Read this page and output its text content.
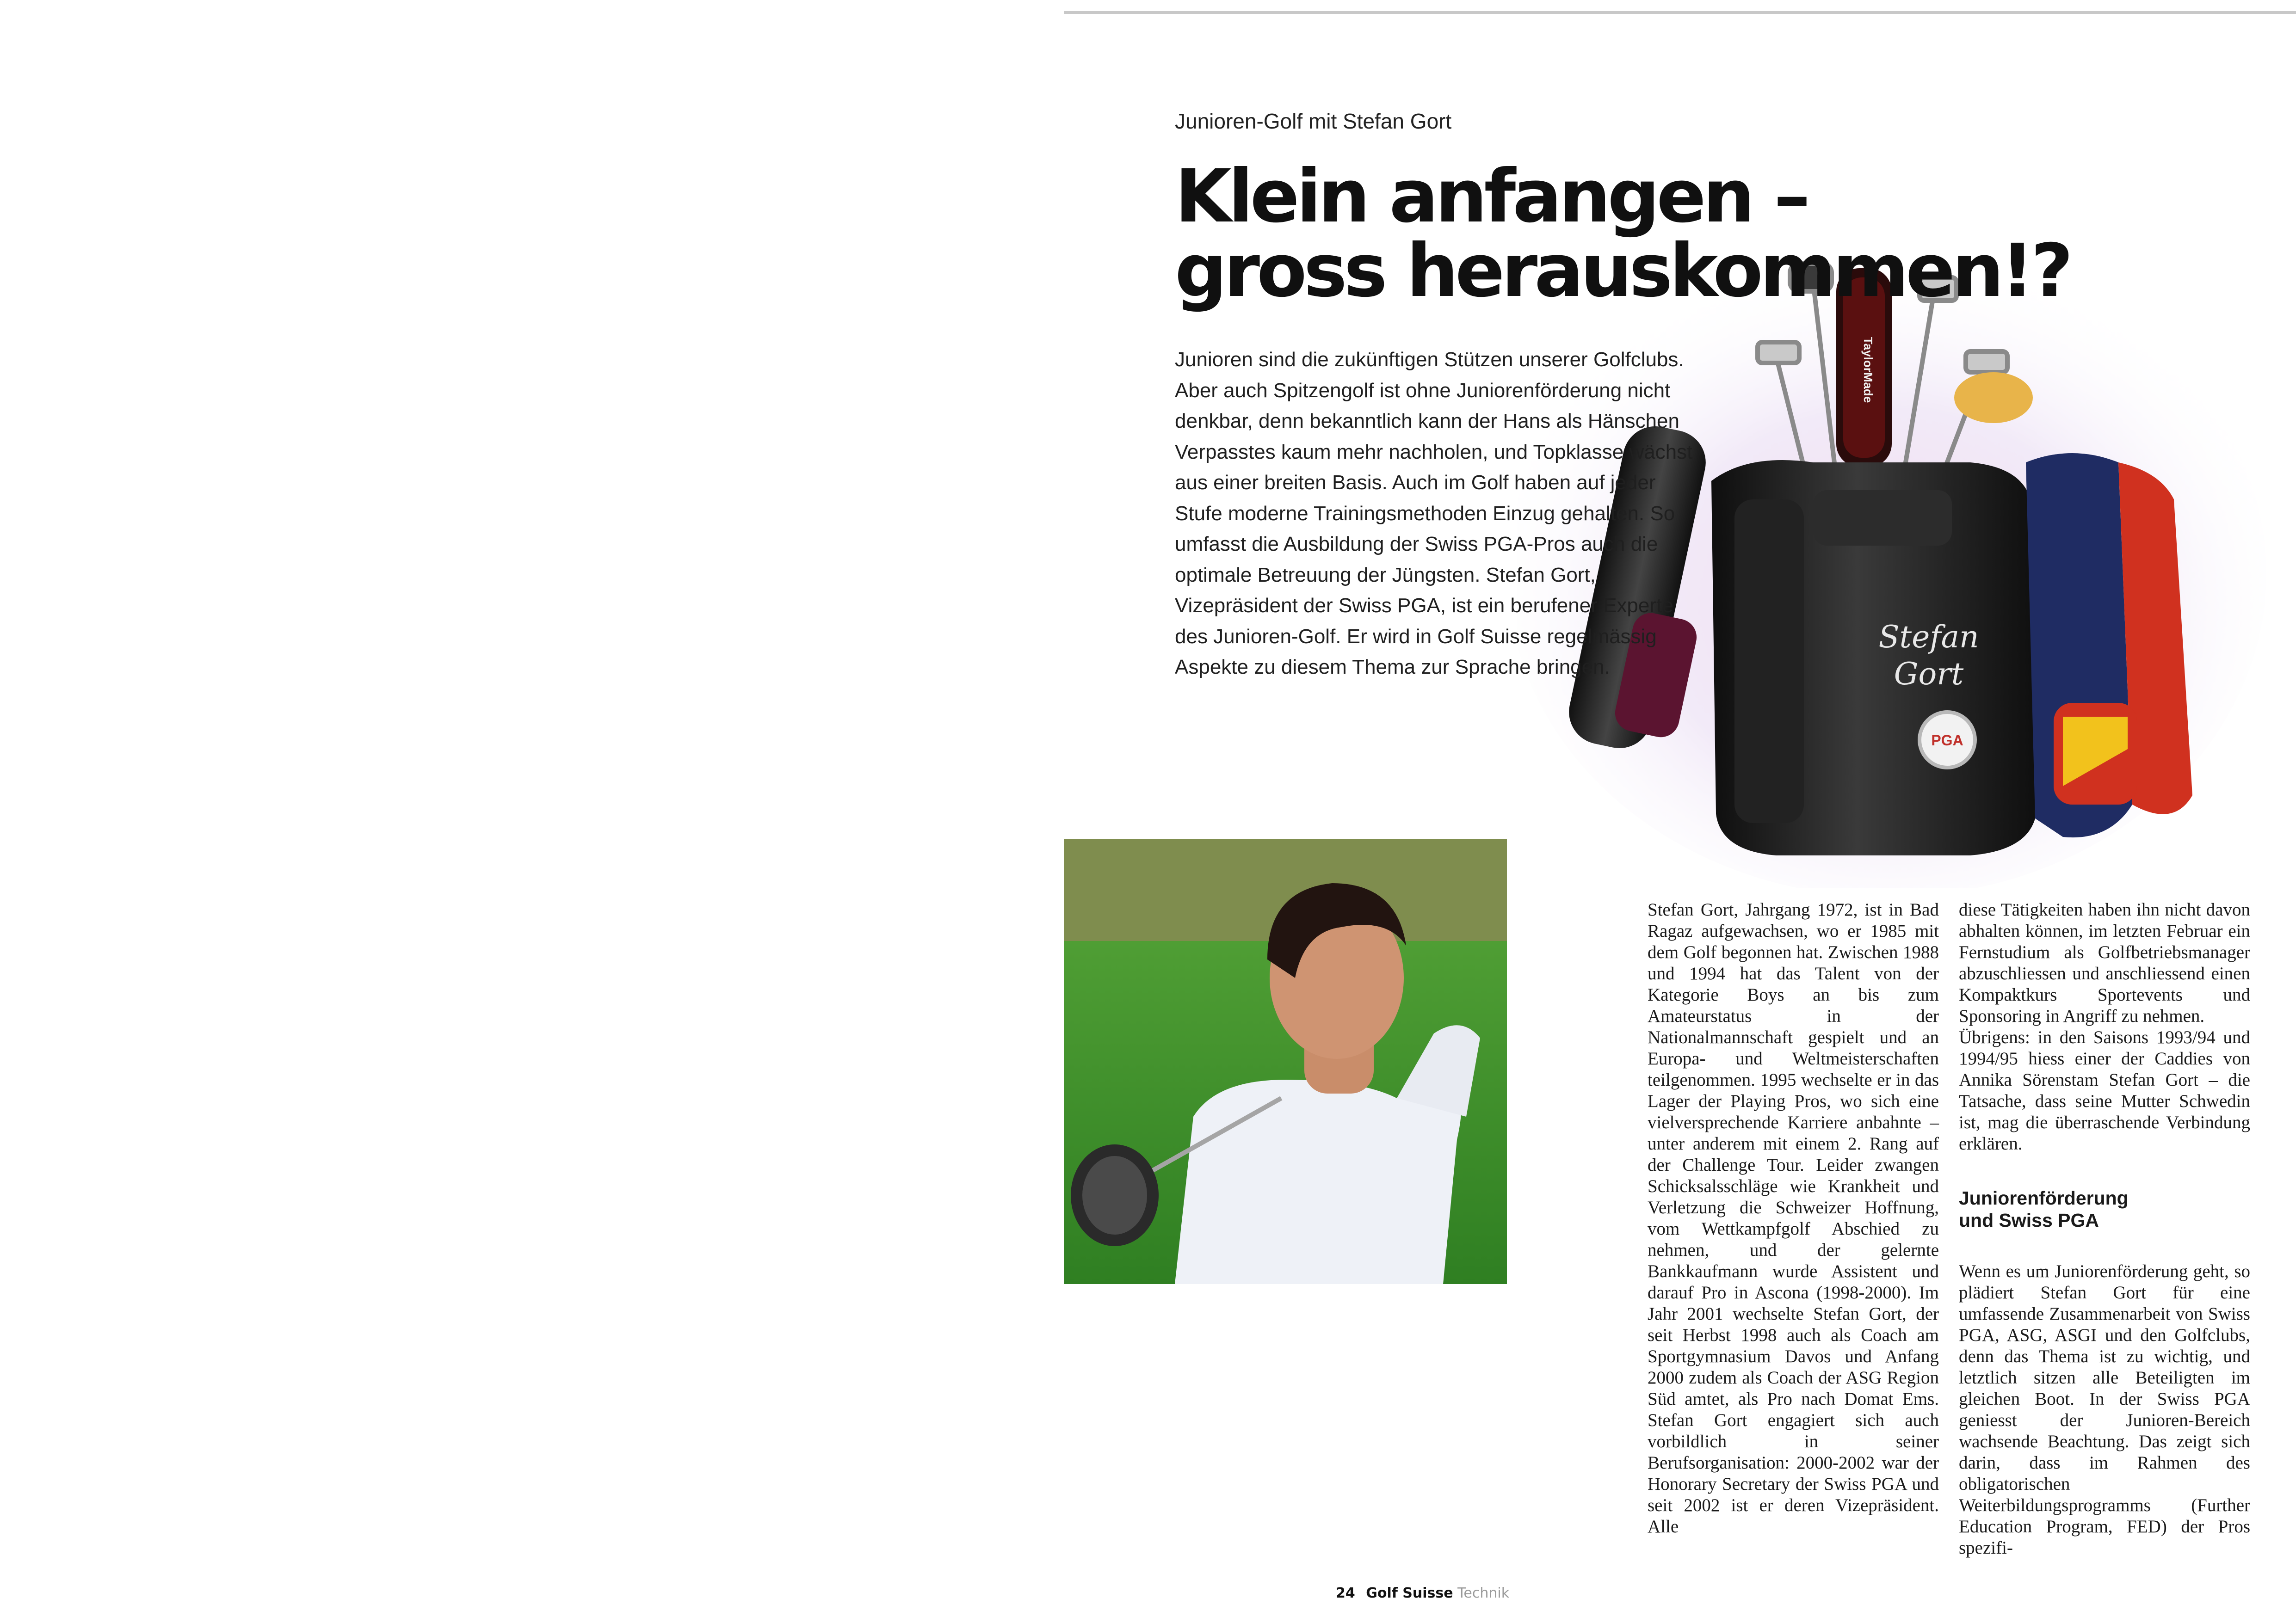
Junioren-Golf mit Stefan Gort
Klein anfangen –
gross herauskommen!?

Junioren sind die zukünftigen Stützen unserer Golfclubs. Aber auch Spitzengolf ist ohne Juniorenförderung nicht denkbar, denn bekanntlich kann der Hans als Hänschen Verpasstes kaum mehr nachholen, und Topklasse wächst aus einer breiten Basis. Auch im Golf haben auf jeder Stufe moderne Trainingsmethoden Einzug gehalten. So umfasst die Ausbildung der Swiss PGA-Pros auch die optimale Betreuung der Jüngsten. Stefan Gort, Vizepräsident der Swiss PGA, ist ein berufener Experte des Junioren-Golf. Er wird in Golf Suisse regelmässig Aspekte zu diesem Thema zur Sprache bringen.

TaylorMade
Stefan
Gort
PGA

Stefan Gort, Jahrgang 1972, ist in Bad Ragaz aufgewachsen, wo er 1985 mit dem Golf begonnen hat. Zwischen 1988 und 1994 hat das Talent von der Kategorie Boys an bis zum Amateurstatus in der Nationalmannschaft gespielt und an Europa- und Weltmeisterschaften teilgenommen. 1995 wechselte er in das Lager der Playing Pros, wo sich eine vielversprechende Karriere anbahnte – unter anderem mit einem 2. Rang auf der Challenge Tour. Leider zwangen Schicksalsschläge wie Krankheit und Verletzung die Schweizer Hoffnung, vom Wettkampfgolf Abschied zu nehmen, und der gelernte Bankkaufmann wurde Assistent und darauf Pro in Ascona (1998-2000). Im Jahr 2001 wechselte Stefan Gort, der seit Herbst 1998 auch als Coach am Sportgymnasium Davos und Anfang 2000 zudem als Coach der ASG Region Süd amtet, als Pro nach Domat Ems. Stefan Gort engagiert sich auch vorbildlich in seiner Berufsorganisation: 2000-2002 war der Honorary Secretary der Swiss PGA und seit 2002 ist er deren Vizepräsident. Alle

diese Tätigkeiten haben ihn nicht davon abhalten können, im letzten Februar ein Fernstudium als Golfbetriebsmanager abzuschliessen und anschliessend einen Kompaktkurs Sportevents und Sponsoring in Angriff zu nehmen.

Übrigens: in den Saisons 1993/94 und 1994/95 hiess einer der Caddies von Annika Sörenstam Stefan Gort – die Tatsache, dass seine Mutter Schwedin ist, mag die überraschende Verbindung erklären.

Juniorenförderung
und Swiss PGA

Wenn es um Juniorenförderung geht, so plädiert Stefan Gort für eine umfassende Zusammenarbeit von Swiss PGA, ASG, ASGI und den Golfclubs, denn das Thema ist zu wichtig, und letztlich sitzen alle Beteiligten im gleichen Boot. In der Swiss PGA geniesst der Junioren-Bereich wachsende Beachtung. Das zeigt sich darin, dass im Rahmen des obligatorischen Weiterbildungsprogramms (Further Education Program, FED) der Pros spezifi-

24 Golf Suisse Technik
